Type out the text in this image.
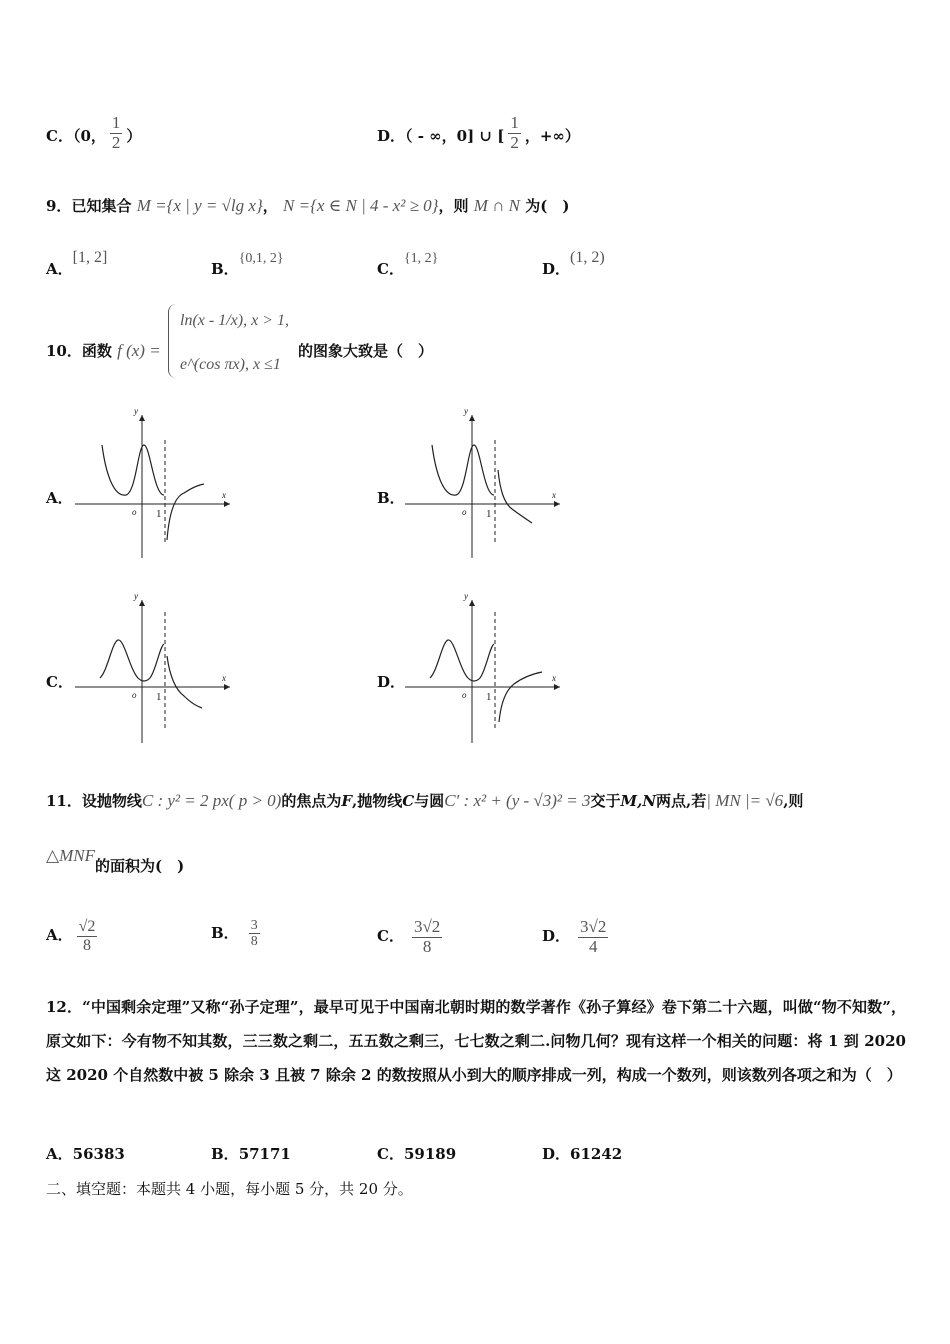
C．（0， $\frac{1}{2}$ ）	D．（ - ∞，0] ∪ [ $\frac{1}{2}$ ，+∞）
9．已知集合 M ={x | y = √lg x}， N ={x ∈ N | 4 - x² ≥ 0}，则 M ∩ N 为(　)
A．[1, 2]
B．{0,1, 2}
C．{1, 2}
D．(1, 2)
10．函数 f (x) =
ln(x - 1/x), x > 1,
e^(cos πx), x ≤1
的图象大致是（　）
A．	B．
C．	D．
y
x
o 1
y
x
o 1
y
x
o 1
y
x
o 1
11．设抛物线C : y² = 2 px( p > 0)的焦点为F,抛物线C与圆C′ : x² + (y - √3)² = 3交于M,N两点,若| MN |= √6,则
△MNF的面积为(　)
A． $\frac{√2}{8}$	B． $\frac{3}{8}$	C． $\frac{3√2}{8}$	D． $\frac{3√2}{4}$
12．“中国剩余定理”又称“孙子定理”，最早可见于中国南北朝时期的数学著作《孙子算经》卷下第二十六题，叫做“物不知数”，原文如下：今有物不知其数，三三数之剩二，五五数之剩三，七七数之剩二.问物几何？现有这样一个相关的问题：将 1 到 2020 这 2020 个自然数中被 5 除余 3 且被 7 除余 2 的数按照从小到大的顺序排成一列，构成一个数列，则该数列各项之和为（　）
A．56383	B．57171	C．59189	D．61242
二、填空题：本题共 4 小题，每小题 5 分，共 20 分。
